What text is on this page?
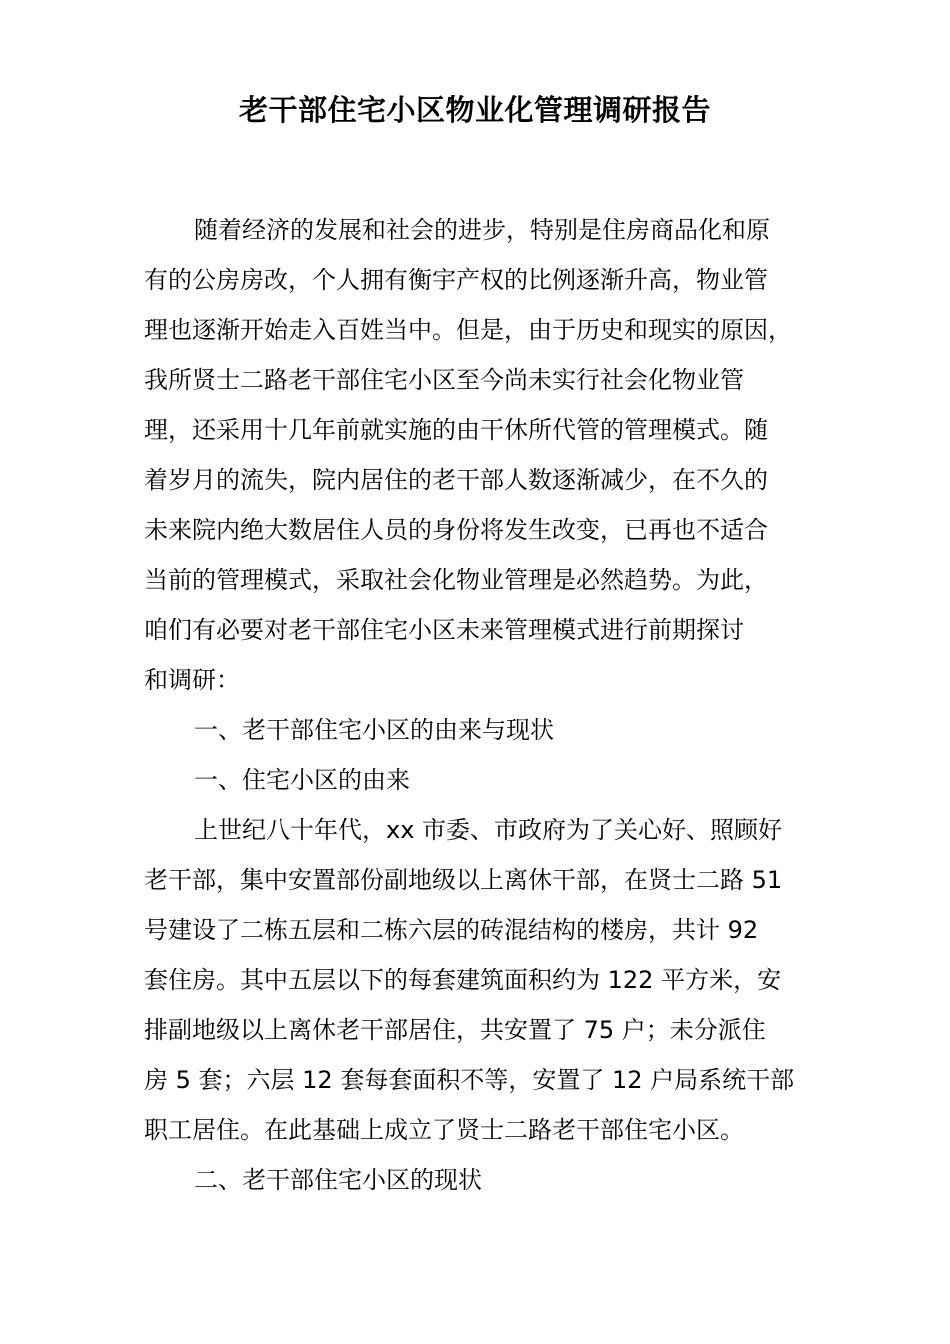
老干部住宅小区物业化管理调研报告

随着经济的发展和社会的进步，特别是住房商品化和原

有的公房房改，个人拥有衡宇产权的比例逐渐升高，物业管

理也逐渐开始走入百姓当中。但是，由于历史和现实的原因，

我所贤士二路老干部住宅小区至今尚未实行社会化物业管

理，还采用十几年前就实施的由干休所代管的管理模式。随

着岁月的流失，院内居住的老干部人数逐渐减少，在不久的

未来院内绝大数居住人员的身份将发生改变，已再也不适合

当前的管理模式，采取社会化物业管理是必然趋势。为此，

咱们有必要对老干部住宅小区未来管理模式进行前期探讨

和调研：

一、老干部住宅小区的由来与现状

一、住宅小区的由来

上世纪八十年代，xx 市委、市政府为了关心好、照顾好

老干部，集中安置部份副地级以上离休干部，在贤士二路 51

号建设了二栋五层和二栋六层的砖混结构的楼房，共计 92

套住房。其中五层以下的每套建筑面积约为 122 平方米，安

排副地级以上离休老干部居住，共安置了 75 户；未分派住

房 5 套；六层 12 套每套面积不等，安置了 12 户局系统干部

职工居住。在此基础上成立了贤士二路老干部住宅小区。

二、老干部住宅小区的现状
